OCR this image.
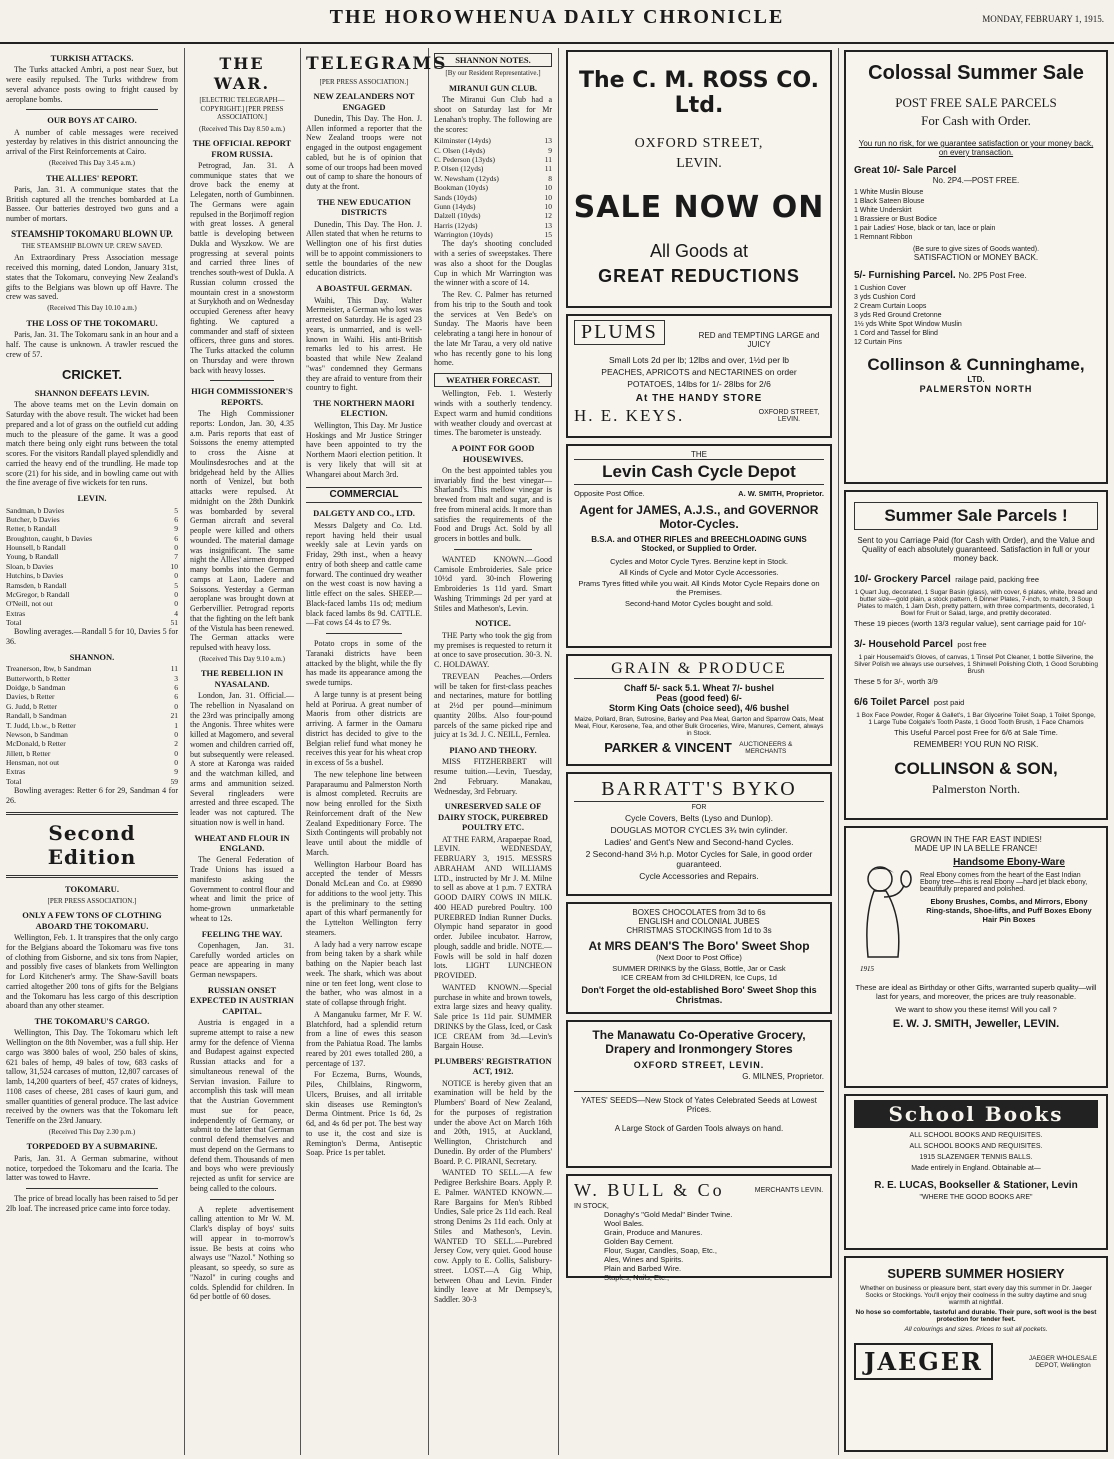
THE HOROWHENUA DAILY CHRONICLE	MONDAY, FEBRUARY 1, 1915.
TURKISH ATTACKS.

The Turks attacked Ambri, a post near Suez, but were easily repulsed. The Turks withdrew from several advance posts owing to fright caused by aeroplane bombs.

OUR BOYS AT CAIRO.

A number of cable messages were received yesterday by relatives in this district announcing the arrival of the First Reinforcements at Cairo.

(Received This Day 3.45 a.m.)
THE ALLIES' REPORT.

Paris, Jan. 31. A communique states that the British captured all the trenches bombarded at La Bassee. Our batteries destroyed two guns and a number of mortars.

STEAMSHIP TOKOMARU BLOWN UP.
THE STEAMSHIP BLOWN UP. CREW SAVED.

An Extraordinary Press Association message received this morning, dated London, January 31st, states that the Tokomaru, conveying New Zealand's gifts to the Belgians was blown up off Havre. The crew was saved.

(Received This Day 10.10 a.m.)
THE LOSS OF THE TOKOMARU.

Paris, Jan. 31. The Tokomaru sank in an hour and a half. The cause is unknown. A trawler rescued the crew of 57.

CRICKET.
SHANNON DEFEATS LEVIN.

The above teams met on the Levin domain on Saturday with the above result. The wicket had been prepared and a lot of grass on the outfield cut adding much to the pleasure of the game. It was a good match there being only eight runs between the total scores. For the visitors Randall played splendidly and carried the heavy end of the trundling. He made top score (21) for his side, and in bowling came out with the fine average of five wickets for ten runs.

LEVIN.
Sandman, b Davies	5
Butcher, b Davies	6
Retter, b Randall	9
Broughton, caught, b Davies	6
Hounsell, b Randall	0
Young, b Randall	7
Sloan, b Davies	10
Hutchins, b Davies	0
Ramsden, b Randall	5
McGregor, b Randall	0
O'Neill, not out	0
Extras	4
Total	51

Bowling averages.—Randall 5 for 10, Davies 5 for 36.

SHANNON.
Treanerson, lbw, b Sandman	11
Butterworth, b Retter	3
Doidge, b Sandman	6
Davies, b Retter	6
G. Judd, b Retter	0
Randall, b Sandman	21
T. Judd, l.b.w., b Retter	1
Newson, b Sandman	0
McDonald, b Retter	2
Jillett, b Retter	0
Hensman, not out	0
Extras	9
Total	59

Bowling averages: Retter 6 for 29, Sandman 4 for 26.

Second Edition
TOKOMARU.
[PER PRESS ASSOCIATION.]
ONLY A FEW TONS OF CLOTHING ABOARD THE TOKOMARU.

Wellington, Feb. 1. It transpires that the only cargo for the Belgians aboard the Tokomaru was five tons of clothing from Gisborne, and six tons from Napier, and possibly five cases of blankets from Wellington for Lord Kitchener's army. The Shaw-Savill boats carried altogether 200 tons of gifts for the Belgians and the Tokomaru has less cargo of this description aboard than any other steamer.

THE TOKOMARU'S CARGO.

Wellington, This Day. The Tokomaru which left Wellington on the 8th November, was a full ship. Her cargo was 3800 bales of wool, 250 bales of skins, 621 bales of hemp, 49 bales of tow, 683 casks of tallow, 31,524 carcases of mutton, 12,807 carcases of lamb, 14,200 quarters of beef, 457 crates of kidneys, 1108 cases of cheese, 281 cases of kauri gum, and smaller quantities of general produce. The last advice received by the owners was that the Tokomaru left Teneriffe on the 23rd January.

(Received This Day 2.30 p.m.)
TORPEDOED BY A SUBMARINE.

Paris, Jan. 31. A German submarine, without notice, torpedoed the Tokomaru and the Icaria. The latter was towed to Havre.

The price of bread locally has been raised to 5d per 2lb loaf. The increased price came into force today.

THE WAR.
[ELECTRIC TELEGRAPH—COPYRIGHT.] [PER PRESS ASSOCIATION.]
(Received This Day 8.50 a.m.)
THE OFFICIAL REPORT FROM RUSSIA.

Petrograd, Jan. 31. A communique states that we drove back the enemy at Lelegaten, north of Gumbinnen. The Germans were again repulsed in the Borjimoff region with great losses. A general battle is developing between Dukla and Wyszkow. We are progressing at several points and carried three lines of trenches south-west of Dukla. A Russian column crossed the mountain crest in a snowstorm at Surykhoth and on Wednesday occupied Gereness after heavy fighting. We captured a commander and staff of sixteen officers, three guns and stores. The Turks attacked the column on Thursday and were thrown back with heavy losses.

HIGH COMMISSIONER'S REPORTS.

The High Commissioner reports: London, Jan. 30, 4.35 a.m. Paris reports that east of Soissons the enemy attempted to cross the Aisne at Moulinsdesroches and at the bridgehead held by the Allies north of Venizel, but both attacks were repulsed. At midnight on the 28th Dunkirk was bombarded by several German aircraft and several people were killed and others wounded. The material damage was insignificant. The same night the Allies' airmen dropped many bombs into the German camps at Laon, Ladere and Soissons. Yesterday a German aeroplane was brought down at Gerbervillier. Petrograd reports that the fighting on the left bank of the Vistula has been renewed. The German attacks were repulsed with heavy loss.

(Received This Day 9.10 a.m.)
THE REBELLION IN NYASALAND.

London, Jan. 31. Official.—The rebellion in Nyasaland on the 23rd was principally among the Angonis. Three whites were killed at Magomero, and several women and children carried off, but subsequently were released. A store at Karonga was raided and the watchman killed, and arms and ammunition seized. Several ringleaders were arrested and three escaped. The leader was not captured. The situation now is well in hand.

WHEAT AND FLOUR IN ENGLAND.

The General Federation of Trade Unions has issued a manifesto asking the Government to control flour and wheat and limit the price of home-grown unmarketable wheat to 12s.

FEELING THE WAY.

Copenhagen, Jan. 31. Carefully worded articles on peace are appearing in many German newspapers.

RUSSIAN ONSET EXPECTED IN AUSTRIAN CAPITAL.

Austria is engaged in a supreme attempt to raise a new army for the defence of Vienna and Budapest against expected Russian attacks and for a simultaneous renewal of the Servian invasion. Failure to accomplish this task will mean that the Austrian Government must sue for peace, independently of Germany, or submit to the latter that German control defend themselves and must depend on the Germans to defend them. Thousands of men and boys who were previously rejected as unfit for service are being called to the colours.

A replete advertisement calling attention to Mr W. M. Clark's display of boys' suits will appear in to-morrow's issue. Be bests at coins who always use "Nazol." Nothing so pleasant, so speedy, so sure as "Nazol" in curing coughs and colds. Splendid for children. In 6d per bottle of 60 doses.

TELEGRAMS
[PER PRESS ASSOCIATION.]
NEW ZEALANDERS NOT ENGAGED

Dunedin, This Day. The Hon. J. Allen informed a reporter that the New Zealand troops were not engaged in the outpost engagement cabled, but he is of opinion that some of our troops had been moved out of camp to share the honours of duty at the front.

THE NEW EDUCATION DISTRICTS

Dunedin, This Day. The Hon. J. Allen stated that when he returns to Wellington one of his first duties will be to appoint commissioners to settle the boundaries of the new education districts.

A BOASTFUL GERMAN.

Waihi, This Day. Walter Mermeister, a German who lost was arrested on Saturday. He is aged 23 years, is unmarried, and is well-known in Waihi. His anti-British remarks led to his arrest. He boasted that while New Zealand "was" condemned they Germans they are afraid to venture from their country to fight.

THE NORTHERN MAORI ELECTION.

Wellington, This Day. Mr Justice Hoskings and Mr Justice Stringer have been appointed to try the Northern Maori election petition. It is very likely that will sit at Whangarei about March 3rd.

COMMERCIAL
DALGETY AND CO., LTD.

Messrs Dalgety and Co. Ltd. report having held their usual weekly sale at Levin yards on Friday, 29th inst., when a heavy entry of both sheep and cattle came forward. The continued dry weather on the west coast is now having a little effect on the sales. SHEEP.—Black-faced lambs 11s od; medium black faced lambs 8s 9d. CATTLE.—Fat cows £4 4s to £7 9s.

Potato crops in some of the Taranaki districts have been attacked by the blight, while the fly has made its appearance among the swede turnips.

A large tunny is at present being held at Porirua. A great number of Maoris from other districts are arriving. A farmer in the Oamaru district has decided to give to the Belgian relief fund what money he receives this year for his wheat crop in excess of 5s a bushel.

The new telephone line between Paraparaumu and Palmerston North is almost completed. Recruits are now being enrolled for the Sixth Reinforcement draft of the New Zealand Expeditionary Force. The Sixth Contingents will probably not leave until about the middle of March.

Wellington Harbour Board has accepted the tender of Messrs Donald McLean and Co. at £9890 for additions to the wool jetty. This is the preliminary to the setting apart of this wharf permanently for the Lyttelton Wellington ferry steamers.

A lady had a very narrow escape from being taken by a shark while bathing on the Napier beach last week. The shark, which was about nine or ten feet long, went close to the bather, who was almost in a state of collapse through fright.

A Manganuku farmer, Mr F. W. Blatchford, had a splendid return from a line of ewes this season from the Pahiatua Road. The lambs reared by 201 ewes totalled 280, a percentage of 137.

For Eczema, Burns, Wounds, Piles, Chilblains, Ringworm, Ulcers, Bruises, and all irritable skin diseases use Remington's Derma Ointment. Price 1s 6d, 2s 6d, and 4s 6d per pot. The best way to use it, the cost and size is Remington's Derma, Antiseptic Soap. Price 1s per tablet.

SHANNON NOTES.
[By our Resident Representative.]
MIRANUI GUN CLUB.

The Miranui Gun Club had a shoot on Saturday last for Mr Lenahan's trophy. The following are the scores:

Kilminster (14yds)	13
C. Olsen (14yds)	9
C. Pederson (13yds)	11
P. Olsen (12yds)	11
W. Newsham (12yds)	8
Bookman (10yds)	10
Sands (10yds)	10
Gunn (14yds)	10
Dalzell (10yds)	12
Harris (12yds)	13
Warrington (10yds)	15

The day's shooting concluded with a series of sweepstakes. There was also a shoot for the Douglas Cup in which Mr Warrington was the winner with a score of 14.

The Rev. C. Palmer has returned from his trip to the South and took the services at Ven Bede's on Sunday. The Maoris have been celebrating a tangi here in honour of the late Mr Tarau, a very old native who has recently gone to his long home.

WEATHER FORECAST.

Wellington, Feb. 1. Westerly winds with a southerly tendency. Expect warm and humid conditions with weather cloudy and overcast at times. The barometer is unsteady.

A POINT FOR GOOD HOUSEWIVES.

On the best appointed tables you invariably find the best vinegar—Sharland's. This mellow vinegar is brewed from malt and sugar, and is free from mineral acids. It more than satisfies the requirements of the Food and Drugs Act. Sold by all grocers in bottles and bulk.

WANTED KNOWN.—Good Camisole Embroideries. Sale price 10½d yard. 30-inch Flowering Embroideries 1s 11d yard. Smart Washing Trimmings 2d per yard at Stiles and Matheson's, Levin.

NOTICE.

THE Party who took the gig from my premises is requested to return it at once to save prosecution. 30-3. N. C. HOLDAWAY.

TREVEAN Peaches.—Orders will be taken for first-class peaches and nectarines, mature for bottling at 2½d per pound—minimum quantity 20lbs. Also four-pound parcels of the same picked ripe and juicy at 1s 3d. J. C. NEILL, Fernlea.

PIANO AND THEORY.

MISS FITZHERBERT will resume tuition.—Levin, Tuesday, 2nd February. Manakau, Wednesday, 3rd February.

UNRESERVED SALE OF DAIRY STOCK, PUREBRED POULTRY ETC.

AT THE FARM, Arapaepae Road, LEVIN. WEDNESDAY, FEBRUARY 3, 1915. MESSRS ABRAHAM AND WILLIAMS LTD., instructed by Mr J. M. Milne to sell as above at 1 p.m. 7 EXTRA GOOD DAIRY COWS IN MILK. 400 HEAD purebred Poultry. 100 PUREBRED Indian Runner Ducks. Olympic hand separator in good order. Jubilee incubator. Harrow, plough, saddle and bridle. NOTE.—Fowls will be sold in half dozen lots. LIGHT LUNCHEON PROVIDED.

WANTED KNOWN.—Special purchase in white and brown towels, extra large sizes and heavy quality. Sale price 1s 11d pair. SUMMER DRINKS by the Glass, Iced, or Cask ICE CREAM from 3d.—Levin's Bargain House.

PLUMBERS' REGISTRATION ACT, 1912.

NOTICE is hereby given that an examination will be held by the Plumbers' Board of New Zealand, for the purposes of registration under the above Act on March 16th and 20th, 1915, at Auckland, Wellington, Christchurch and Dunedin. By order of the Plumbers' Board. P. C. PIRANI, Secretary.

WANTED TO SELL.—A few Pedigree Berkshire Boars. Apply P. E. Palmer. WANTED KNOWN.—Rare Bargains for Men's Ribbed Undies, Sale price 2s 11d each. Real strong Denims 2s 11d each. Only at Stiles and Matheson's, Levin. WANTED TO SELL.—Purebred Jersey Cow, very quiet. Good house cow. Apply to E. Collis, Salisbury-street. LOST.—A Gig Whip, between Ohau and Levin. Finder kindly leave at Mr Dempsey's, Saddler. 30-3

The C. M. ROSS CO. Ltd.
OXFORD STREET,
LEVIN.
SALE NOW ON
All Goods at
GREAT REDUCTIONS
PLUMS	RED and TEMPTING LARGE and JUICY
Small Lots 2d per lb; 12lbs and over, 1½d per lb
PEACHES, APRICOTS and NECTARINES on order
POTATOES, 14lbs for 1/- 28lbs for 2/6
At THE HANDY STORE
H. E. KEYS.	OXFORD STREET, LEVIN.
THE
Levin Cash Cycle Depot
Opposite Post Office.	A. W. SMITH, Proprietor.
Agent for JAMES, A.J.S., and GOVERNOR Motor-Cycles.
B.S.A. and OTHER RIFLES and BREECHLOADING GUNS Stocked, or Supplied to Order.
Cycles and Motor Cycle Tyres. Benzine kept in Stock.
All Kinds of Cycle and Motor Cycle Accessories.
Prams Tyres fitted while you wait. All Kinds Motor Cycle Repairs done on the Premises.
Second-hand Motor Cycles bought and sold.
GRAIN & PRODUCE
Chaff 5/- sack 5.1. Wheat 7/- bushel
Peas (good feed) 6/-
Storm King Oats (choice seed), 4/6 bushel
Maize, Pollard, Bran, Sutrosine, Barley and Pea Meal, Garton and Sparrow Oats, Meat Meal, Flour, Kerosene, Tea, and other Bulk Groceries, Wire, Manures, Cement, always in Stock.
PARKER & VINCENT AUCTIONEERS & MERCHANTS
BARRATT'S BYKO
FOR
Cycle Covers, Belts (Lyso and Dunlop).
DOUGLAS MOTOR CYCLES 3¾ twin cylinder.
Ladies' and Gent's New and Second-hand Cycles.
2 Second-hand 3½ h.p. Motor Cycles for Sale, in good order guaranteed.
Cycle Accessories and Repairs.
BOXES CHOCOLATES from 3d to 6s
ENGLISH and COLONIAL JUBES
CHRISTMAS STOCKINGS from 1d to 3s
At MRS DEAN'S The Boro' Sweet Shop
(Next Door to Post Office)
SUMMER DRINKS by the Glass, Bottle, Jar or Cask
ICE CREAM from 3d CHILDREN, Ice Cups, 1d
Don't Forget the old-established Boro' Sweet Shop this Christmas.
The Manawatu Co-Operative Grocery, Drapery and Ironmongery Stores
OXFORD STREET, LEVIN.
G. MILNES, Proprietor.
YATES' SEEDS—New Stock of Yates Celebrated Seeds at Lowest Prices.
A Large Stock of Garden Tools always on hand.
W. BULL & Co	MERCHANTS LEVIN.
IN STOCK,
Donaghy's "Gold Medal" Binder Twine.
Wool Bales.
Grain, Produce and Manures.
Golden Bay Cement.
Flour, Sugar, Candles, Soap, Etc.,
Ales, Wines and Spirits.
Plain and Barbed Wire.
Staples, Nails, Etc.,
Colossal Summer Sale
POST FREE SALE PARCELS
For Cash with Order.
You run no risk, for we guarantee satisfaction or your money back, on every transaction.
Great 10/- Sale Parcel
No. 2P4.—POST FREE.
1 White Muslin Blouse
1 Black Sateen Blouse
1 White Underskirt
1 Brassiere or Bust Bodice
1 pair Ladies' Hose, black or tan, lace or plain
1 Remnant Ribbon
(Be sure to give sizes of Goods wanted).
SATISFACTION or MONEY BACK.
5/- Furnishing Parcel. No. 2P5 Post Free.
1 Cushion Cover
3 yds Cushion Cord
2 Cream Curtain Loops
3 yds Red Ground Cretonne
1½ yds White Spot Window Muslin
1 Cord and Tassel for Blind
12 Curtain Pins
Collinson & Cunninghame,
LTD.
PALMERSTON NORTH
Summer Sale Parcels !
Sent to you Carriage Paid (for Cash with Order), and the Value and Quality of each absolutely guaranteed. Satisfaction in full or your money back.
10/- Grockery Parcel railage paid, packing free
1 Quart Jug, decorated, 1 Sugar Basin (glass), with cover, 6 plates, white, bread and butter size—gold plain, a stock pattern, 6 Dinner Plates, 7-inch, to match, 3 Soup Plates to match, 1 Jam Dish, pretty pattern, with three compartments, decorated, 1 Bowl for Fruit or Salad, large, and prettily decorated.
These 19 pieces (worth 13/3 regular value), sent carriage paid for 10/-
3/- Household Parcel post free
1 pair Housemaid's Gloves, of canvas, 1 Tinsel Pot Cleaner, 1 bottle Silverine, the Silver Polish we always use ourselves, 1 Shinwell Polishing Cloth, 1 Good Scrubbing Brush
These 5 for 3/-, worth 3/9
6/6 Toilet Parcel post paid
1 Box Face Powder, Roger & Gallet's, 1 Bar Glycerine Toilet Soap, 1 Toilet Sponge, 1 Large Tube Colgate's Tooth Paste, 1 Good Tooth Brush, 1 Face Chamois
This Useful Parcel post Free for 6/6 at Sale Time.
REMEMBER! YOU RUN NO RISK.
COLLINSON & SON,
Palmerston North.
GROWN IN THE FAR EAST INDIES!
MADE UP IN LA BELLE FRANCE!
1915
Handsome Ebony-Ware
Real Ebony comes from the heart of the East Indian Ebony tree—this is real Ebony —hard jet black ebony, beautifully prepared and polished.
Ebony Brushes, Combs, and Mirrors, Ebony Ring-stands, Shoe-lifts, and Puff Boxes Ebony Hair Pin Boxes
These are ideal as Birthday or other Gifts, warranted superb quality—will last for years, and moreover, the prices are truly reasonable.
We want to show you these items! Will you call ?
E. W. J. SMITH, Jeweller, LEVIN.
School Books
ALL SCHOOL BOOKS AND REQUISITES.
ALL SCHOOL BOOKS AND REQUISITES.
1915 SLAZENGER TENNIS BALLS.
Made entirely in England. Obtainable at—
R. E. LUCAS, Bookseller & Stationer, Levin
"WHERE THE GOOD BOOKS ARE"
SUPERB SUMMER HOSIERY
Whether on business or pleasure bent, start every day this summer in Dr. Jaeger Socks or Stockings. You'll enjoy their coolness in the sultry daytime and snug warmth at nightfall.
No hose so comfortable, tasteful and durable. Their pure, soft wool is the best protection for tender feet.
All colourings and sizes. Prices to suit all pockets.
JAEGER	JAEGER WHOLESALE DEPOT, Wellington
